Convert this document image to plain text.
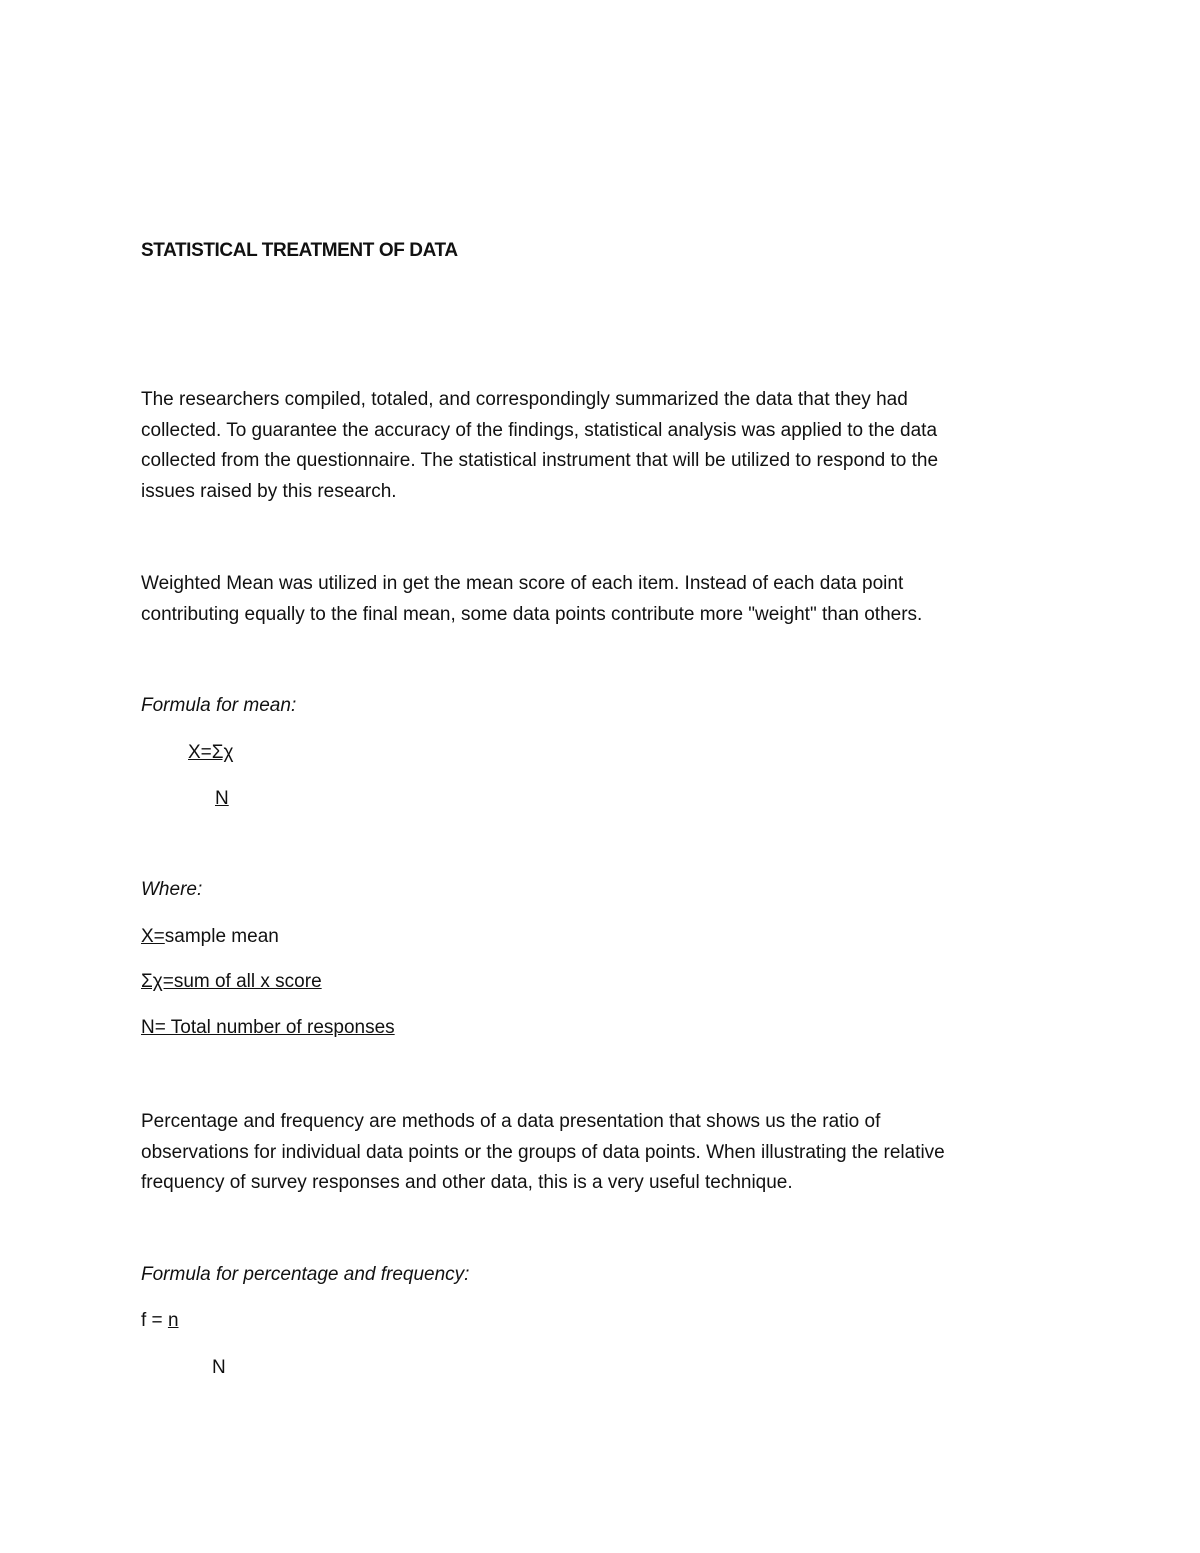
STATISTICAL TREATMENT OF DATA
The researchers compiled, totaled, and correspondingly summarized the data that they had
collected. To guarantee the accuracy of the findings, statistical analysis was applied to the data
collected from the questionnaire. The statistical instrument that will be utilized to respond to the
issues raised by this research.
Weighted Mean was utilized in get the mean score of each item. Instead of each data point
contributing equally to the final mean, some data points contribute more "weight" than others.
Formula for mean:
X=Σχ
N
Where:
X=sample mean
Σχ=sum of all x score
N= Total number of responses
Percentage and frequency are methods of a data presentation that shows us the ratio of
observations for individual data points or the groups of data points. When illustrating the relative
frequency of survey responses and other data, this is a very useful technique.
Formula for percentage and frequency:
f = n
N
